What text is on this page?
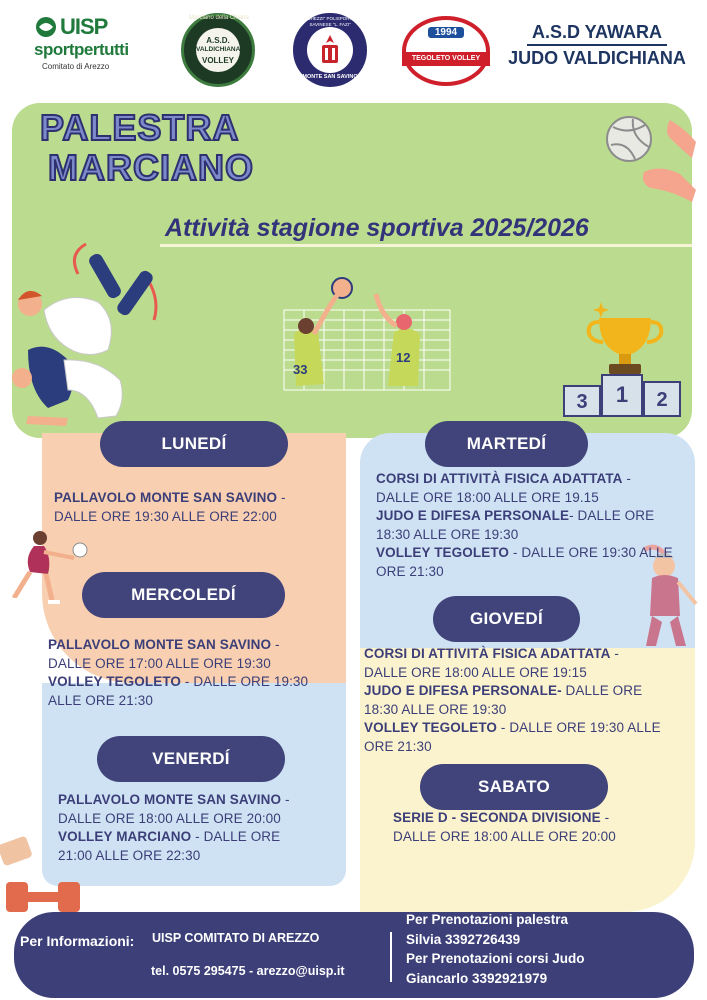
UISP
sportpertutti
Comitato di Arezzo
A.S.D.
VALDICHIANA
VOLLEY
Marciano della Chiana	M. GHEZZI" POLISPORTIVA SAVINESE "L. FAZI"
MONTE SAN SAVINO
1994
TEGOLETO VOLLEY
A.S.D YAWARA
JUDO VALDICHIANA
PALESTRA
MARCIANO
Attività stagione sportiva 2025/2026
33
12
3	1	2
LUNEDÍ	MARTEDÍ
MERCOLEDÍ
GIOVEDÍ
VENERDÍ
SABATO
PALLAVOLO MONTE SAN SAVINO -
DALLE ORE 19:30 ALLE ORE 22:00
CORSI DI ATTIVITÀ FISICA ADATTATA -
DALLE ORE 18:00 ALLE ORE 19.15
JUDO E DIFESA PERSONALE- DALLE ORE
18:30 ALLE ORE 19:30
VOLLEY TEGOLETO - DALLE ORE 19:30 ALLE
ORE 21:30
PALLAVOLO MONTE SAN SAVINO -
DALLE ORE 17:00 ALLE ORE 19:30
VOLLEY TEGOLETO - DALLE ORE 19:30
ALLE ORE 21:30
CORSI DI ATTIVITÀ FISICA ADATTATA -
DALLE ORE 18:00 ALLE ORE 19:15
JUDO E DIFESA PERSONALE- DALLE ORE
18:30 ALLE ORE 19:30
VOLLEY TEGOLETO - DALLE ORE 19:30 ALLE
ORE 21:30
PALLAVOLO MONTE SAN SAVINO -
DALLE ORE 18:00 ALLE ORE 20:00
VOLLEY MARCIANO - DALLE ORE
21:00 ALLE ORE 22:30
SERIE D - SECONDA DIVISIONE -
DALLE ORE 18:00 ALLE ORE 20:00
Per Informazioni: UISP COMITATO DI AREZZO
tel. 0575 295475 - arezzo@uisp.it
Per Prenotazioni palestra
Silvia 3392726439
Per Prenotazioni corsi Judo
Giancarlo 3392921979
